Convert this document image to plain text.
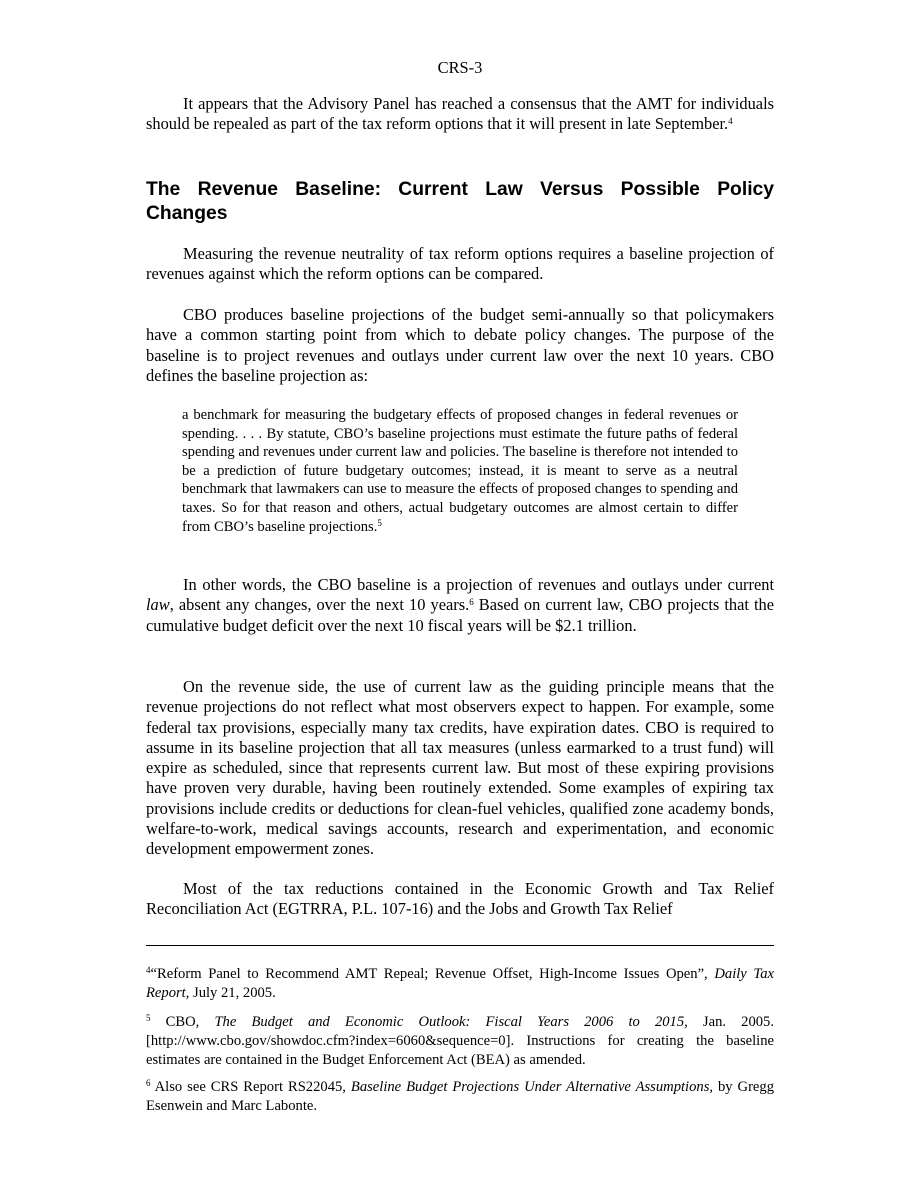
CRS-3

It appears that the Advisory Panel has reached a consensus that the AMT for individuals should be repealed as part of the tax reform options that it will present in late September.$^4$

The Revenue Baseline: Current Law Versus Possible Policy Changes

Measuring the revenue neutrality of tax reform options requires a baseline projection of revenues against which the reform options can be compared.

CBO produces baseline projections of the budget semi-annually so that policymakers have a common starting point from which to debate policy changes. The purpose of the baseline is to project revenues and outlays under current law over the next 10 years. CBO defines the baseline projection as:

a benchmark for measuring the budgetary effects of proposed changes in federal revenues or spending. . . . By statute, CBO’s baseline projections must estimate the future paths of federal spending and revenues under current law and policies. The baseline is therefore not intended to be a prediction of future budgetary outcomes; instead, it is meant to serve as a neutral benchmark that lawmakers can use to measure the effects of proposed changes to spending and taxes. So for that reason and others, actual budgetary outcomes are almost certain to differ from CBO’s baseline projections.$^5$

In other words, the CBO baseline is a projection of revenues and outlays under current law, absent any changes, over the next 10 years.$^6$ Based on current law, CBO projects that the cumulative budget deficit over the next 10 fiscal years will be $2.1 trillion.

On the revenue side, the use of current law as the guiding principle means that the revenue projections do not reflect what most observers expect to happen. For example, some federal tax provisions, especially many tax credits, have expiration dates. CBO is required to assume in its baseline projection that all tax measures (unless earmarked to a trust fund) will expire as scheduled, since that represents current law. But most of these expiring provisions have proven very durable, having been routinely extended. Some examples of expiring tax provisions include credits or deductions for clean-fuel vehicles, qualified zone academy bonds, welfare-to-work, medical savings accounts, research and experimentation, and economic development empowerment zones.

Most of the tax reductions contained in the Economic Growth and Tax Relief Reconciliation Act (EGTRRA, P.L. 107-16) and the Jobs and Growth Tax Relief

$^4$“Reform Panel to Recommend AMT Repeal; Revenue Offset, High-Income Issues Open”, Daily Tax Report, July 21, 2005.

$^5$ CBO, The Budget and Economic Outlook: Fiscal Years 2006 to 2015, Jan. 2005. [http://www.cbo.gov/showdoc.cfm?index=6060&sequence=0]. Instructions for creating the baseline estimates are contained in the Budget Enforcement Act (BEA) as amended.

$^6$ Also see CRS Report RS22045, Baseline Budget Projections Under Alternative Assumptions, by Gregg Esenwein and Marc Labonte.
